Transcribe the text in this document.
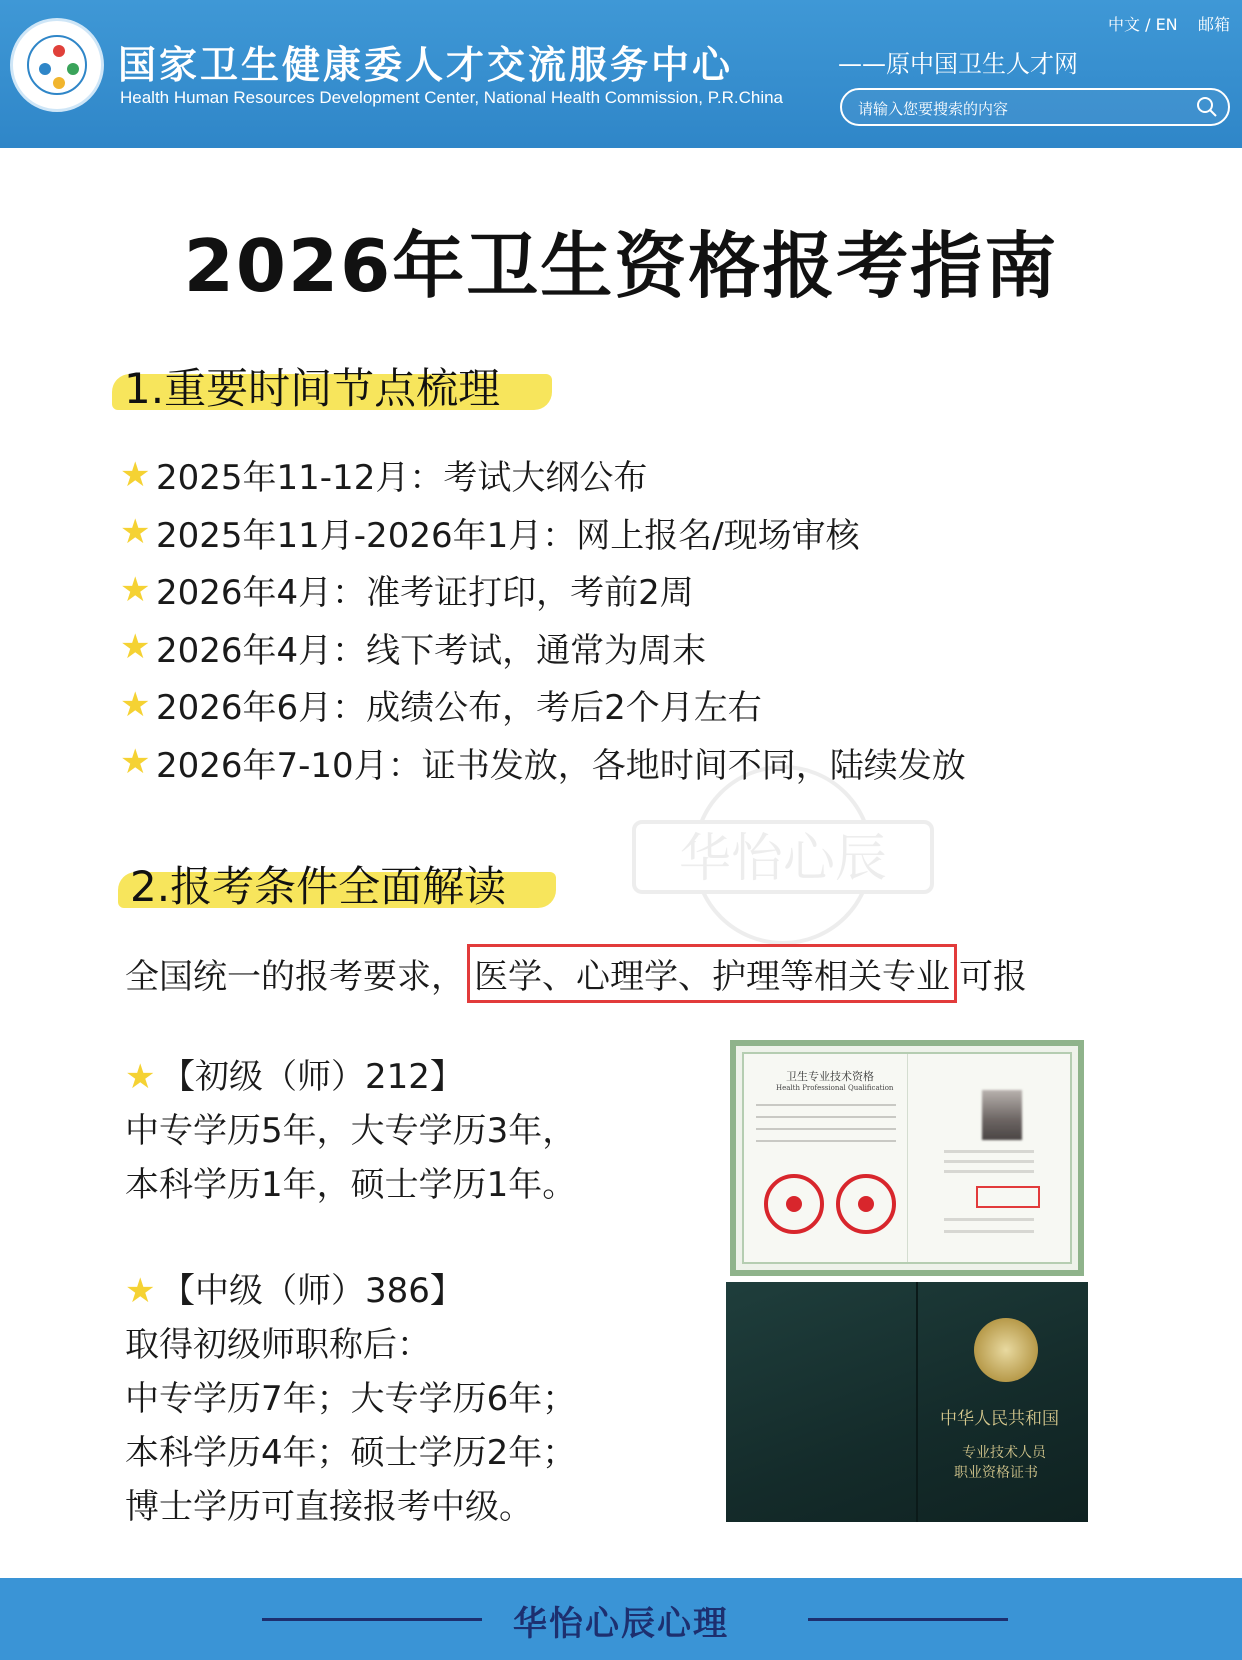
国家卫生健康委人才交流服务中心
Health Human Resources Development Center, National Health Commission, P.R.China
中文 / EN 邮箱
——原中国卫生人才网
请输入您要搜索的内容
2026年卫生资格报考指南
1.重要时间节点梳理
★ 2025年11-12月：考试大纲公布
★ 2025年11月-2026年1月：网上报名/现场审核
★ 2026年4月：准考证打印，考前2周
★ 2026年4月：线下考试，通常为周末
★ 2026年6月：成绩公布，考后2个月左右
★ 2026年7-10月：证书发放，各地时间不同，陆续发放
华怡心辰
2.报考条件全面解读
全国统一的报考要求， 医学、心理学、护理等相关专业 可报
★ 【初级（师）212】
中专学历5年，大专学历3年，
本科学历1年，硕士学历1年。
★ 【中级（师）386】
取得初级师职称后：
中专学历7年；大专学历6年；
本科学历4年；硕士学历2年；
博士学历可直接报考中级。
卫生专业技术资格
Health Professional Qualification
中华人民共和国
专业技术人员
职业资格证书
华怡心辰心理
